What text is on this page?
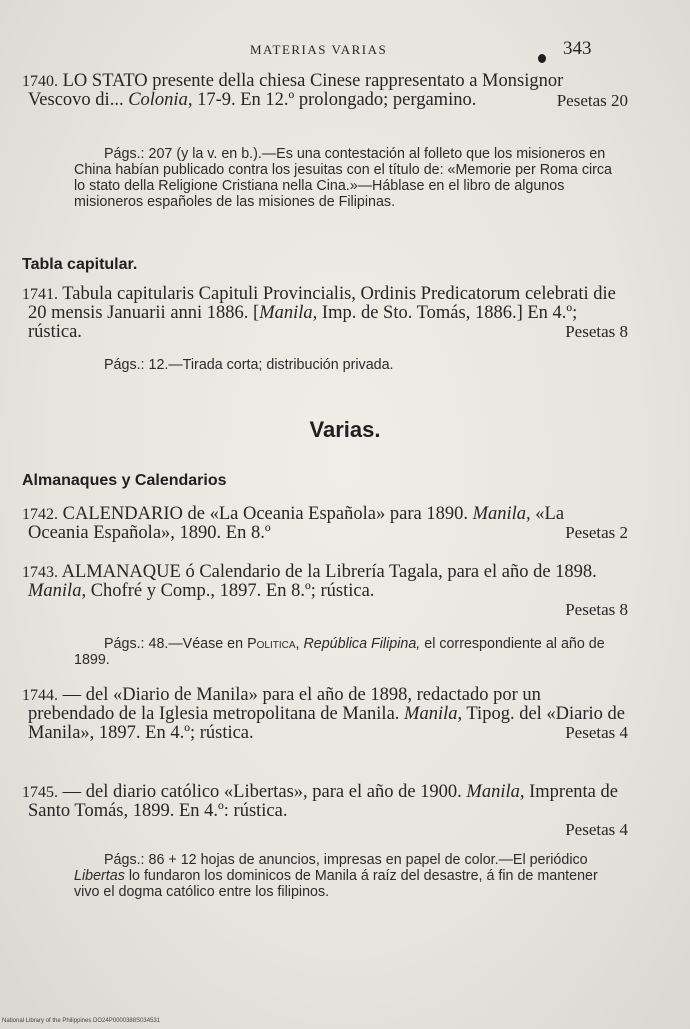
MATERIAS VARIAS	343
1740. LO STATO presente della chiesa Cinese rappresentato a Monsignor Vescovo di... Colonia, 17-9. En 12.º prolongado; pergamino.	Pesetas 20
Págs.: 207 (y la v. en b.).—Es una contestación al folleto que los misioneros en China habían publicado contra los jesuitas con el título de: «Memorie per Roma circa lo stato della Religione Cristiana nella Cina.»—Háblase en el libro de algunos misioneros españoles de las misiones de Filipinas.
Tabla capitular.
1741. Tabula capitularis Capituli Provincialis, Ordinis Predicatorum celebrati die 20 mensis Januarii anni 1886. [Manila, Imp. de Sto. Tomás, 1886.] En 4.º; rústica.	Pesetas 8
Págs.: 12.—Tirada corta; distribución privada.
Varias.
Almanaques y Calendarios
1742. CALENDARIO de «La Oceania Española» para 1890. Manila, «La Oceania Española», 1890. En 8.º	Pesetas 2
1743. ALMANAQUE ó Calendario de la Librería Tagala, para el año de 1898. Manila, Chofré y Comp., 1897. En 8.º; rústica.
Pesetas 8
Págs.: 48.—Véase en Politica, República Filipina, el correspondiente al año de 1899.
1744. — del «Diario de Manila» para el año de 1898, redactado por un prebendado de la Iglesia metropolitana de Manila. Manila, Tipog. del «Diario de Manila», 1897. En 4.º; rústica.	Pesetas 4
1745. — del diario católico «Libertas», para el año de 1900. Manila, Imprenta de Santo Tomás, 1899. En 4.º: rústica.
Pesetas 4
Págs.: 86 + 12 hojas de anuncios, impresas en papel de color.—El periódico Libertas lo fundaron los dominicos de Manila á raíz del desastre, á fin de mantener vivo el dogma católico entre los filipinos.
National Library of the Philippines DO24P0000388S034531
